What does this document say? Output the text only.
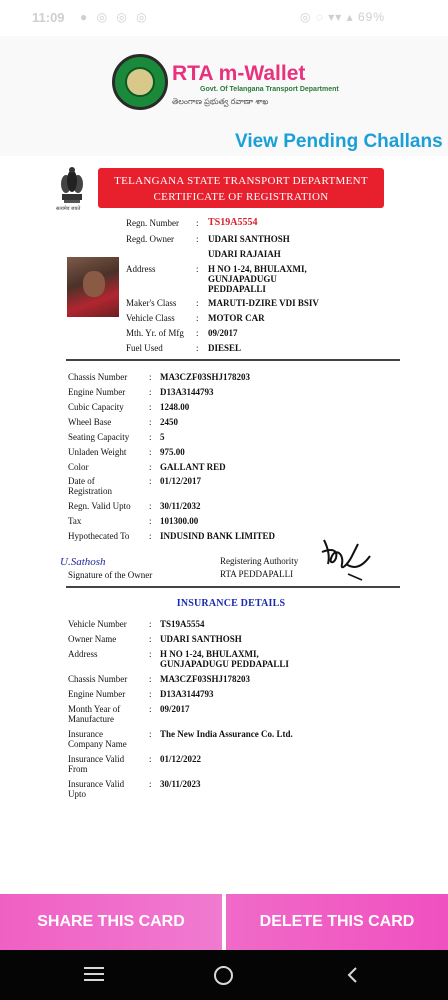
11:09 ● ◎ ◎ ◎	◎ ◌ ▾▾ ▴ 69%
RTA m-Wallet
Govt. Of Telangana Transport Department
తెలంగాణ ప్రభుత్వ రవాణా శాఖ
View Pending Challans
सत्यमेव जयते
TELANGANA STATE TRANSPORT DEPARTMENT
CERTIFICATE OF REGISTRATION
Regn. Number : TS19A5554
Regd. Owner : UDARI SANTHOSH
UDARI RAJAIAH
Address	: H NO 1-24, BHULAXMI,
GUNJAPADUGU
PEDDAPALLI
Maker's Class : MARUTI-DZIRE VDI BSIV
Vehicle Class : MOTOR CAR
Mth. Yr. of Mfg : 09/2017
Fuel Used	: DIESEL
Chassis Number : MA3CZF03SHJ178203
Engine Number	: D13A3144793
Cubic Capacity	: 1248.00
Wheel Base	: 2450
Seating Capacity : 5
Unladen Weight	: 975.00
Color	: GALLANT RED
Date of
Registration
: 01/12/2017
Regn. Valid Upto : 30/11/2032
Tax	: 101300.00
Hypothecated To : INDUSIND BANK LIMITED
U.Sathosh
Signature of the Owner
Registering Authority
RTA PEDDAPALLI
INSURANCE DETAILS
Vehicle Number : TS19A5554
Owner Name	: UDARI SANTHOSH
Address	: H NO 1-24, BHULAXMI,
GUNJAPADUGU PEDDAPALLI
Chassis Number : MA3CZF03SHJ178203
Engine Number	: D13A3144793
Month Year of
Manufacture
: 09/2017
Insurance
Company Name
: The New India Assurance Co. Ltd.
Insurance Valid
From
: 01/12/2022
Insurance Valid
Upto
: 30/11/2023
SHARE THIS CARD	DELETE THIS CARD
